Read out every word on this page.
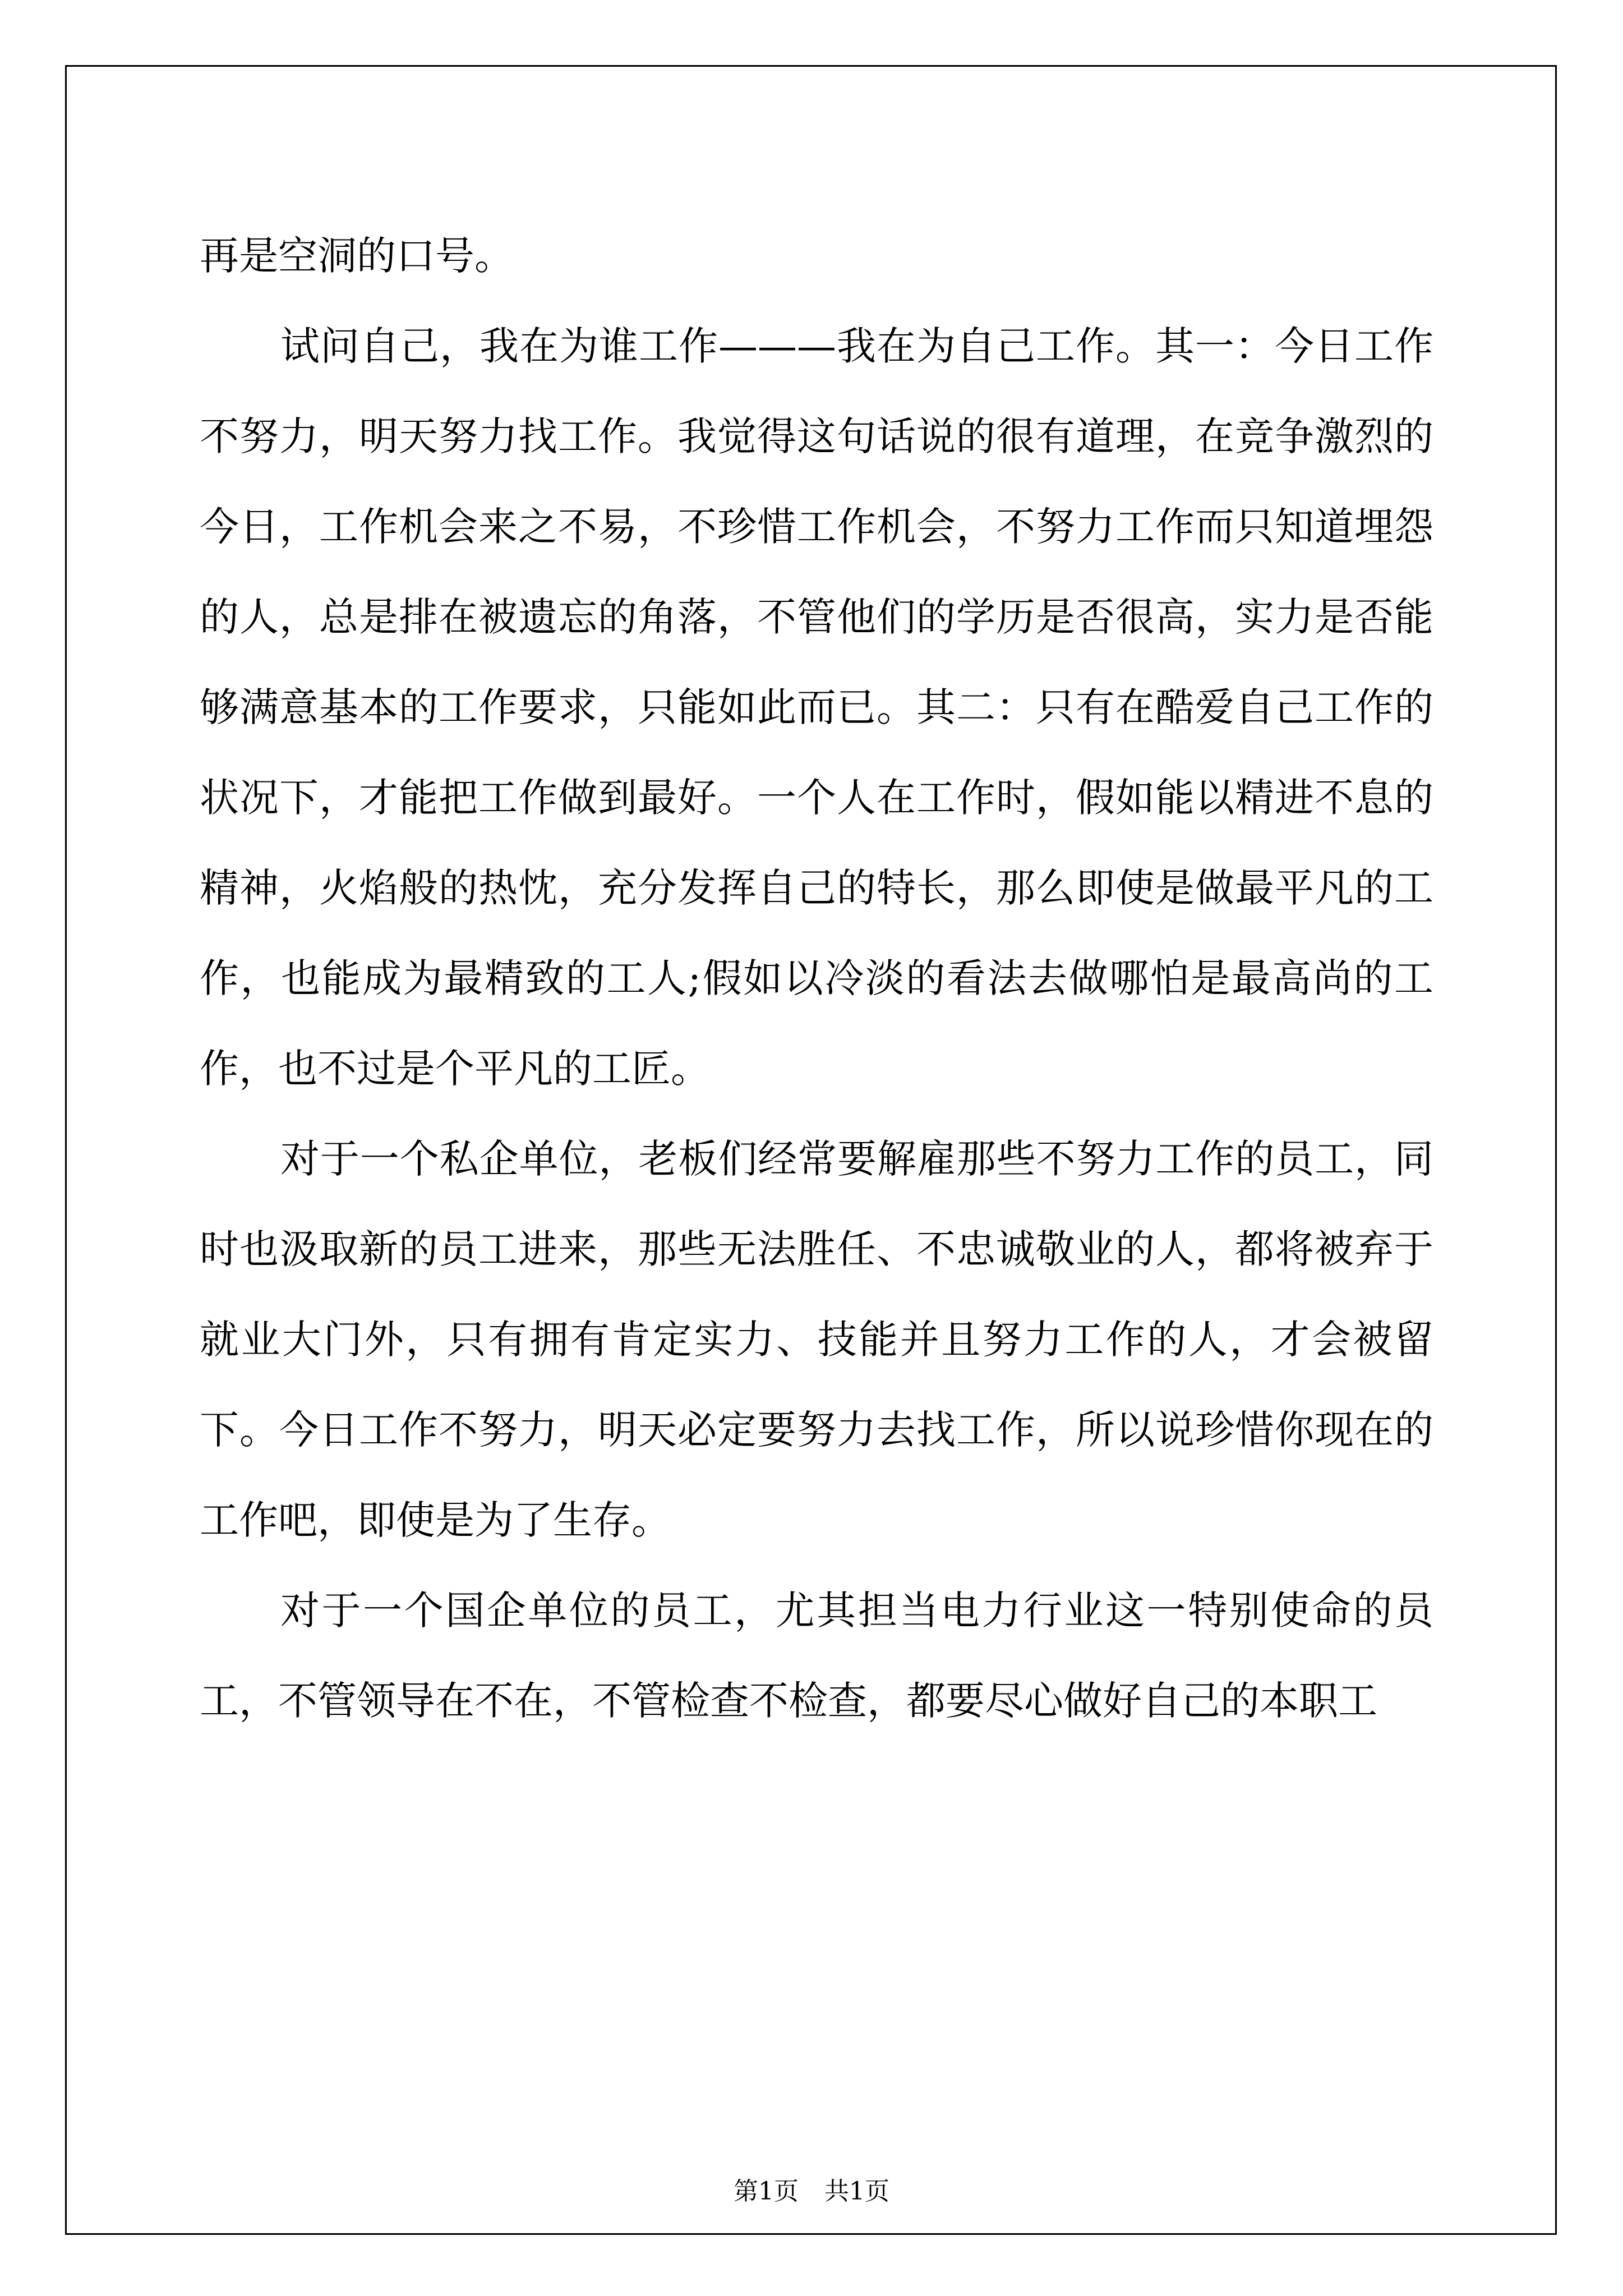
再是空洞的口号。

试问自己，我在为谁工作———我在为自己工作。其一：今日工作不努力，明天努力找工作。我觉得这句话说的很有道理，在竞争激烈的今日，工作机会来之不易，不珍惜工作机会，不努力工作而只知道埋怨的人，总是排在被遗忘的角落，不管他们的学历是否很高，实力是否能够满意基本的工作要求，只能如此而已。其二：只有在酷爱自己工作的状况下，才能把工作做到最好。一个人在工作时，假如能以精进不息的精神，火焰般的热忱，充分发挥自己的特长，那么即使是做最平凡的工作，也能成为最精致的工人;假如以冷淡的看法去做哪怕是最高尚的工作，也不过是个平凡的工匠。

对于一个私企单位，老板们经常要解雇那些不努力工作的员工，同时也汲取新的员工进来，那些无法胜任、不忠诚敬业的人，都将被弃于就业大门外，只有拥有肯定实力、技能并且努力工作的人，才会被留下。今日工作不努力，明天必定要努力去找工作，所以说珍惜你现在的工作吧，即使是为了生存。

对于一个国企单位的员工，尤其担当电力行业这一特别使命的员工，不管领导在不在，不管检查不检查，都要尽心做好自己的本职工

第1页 共1页
